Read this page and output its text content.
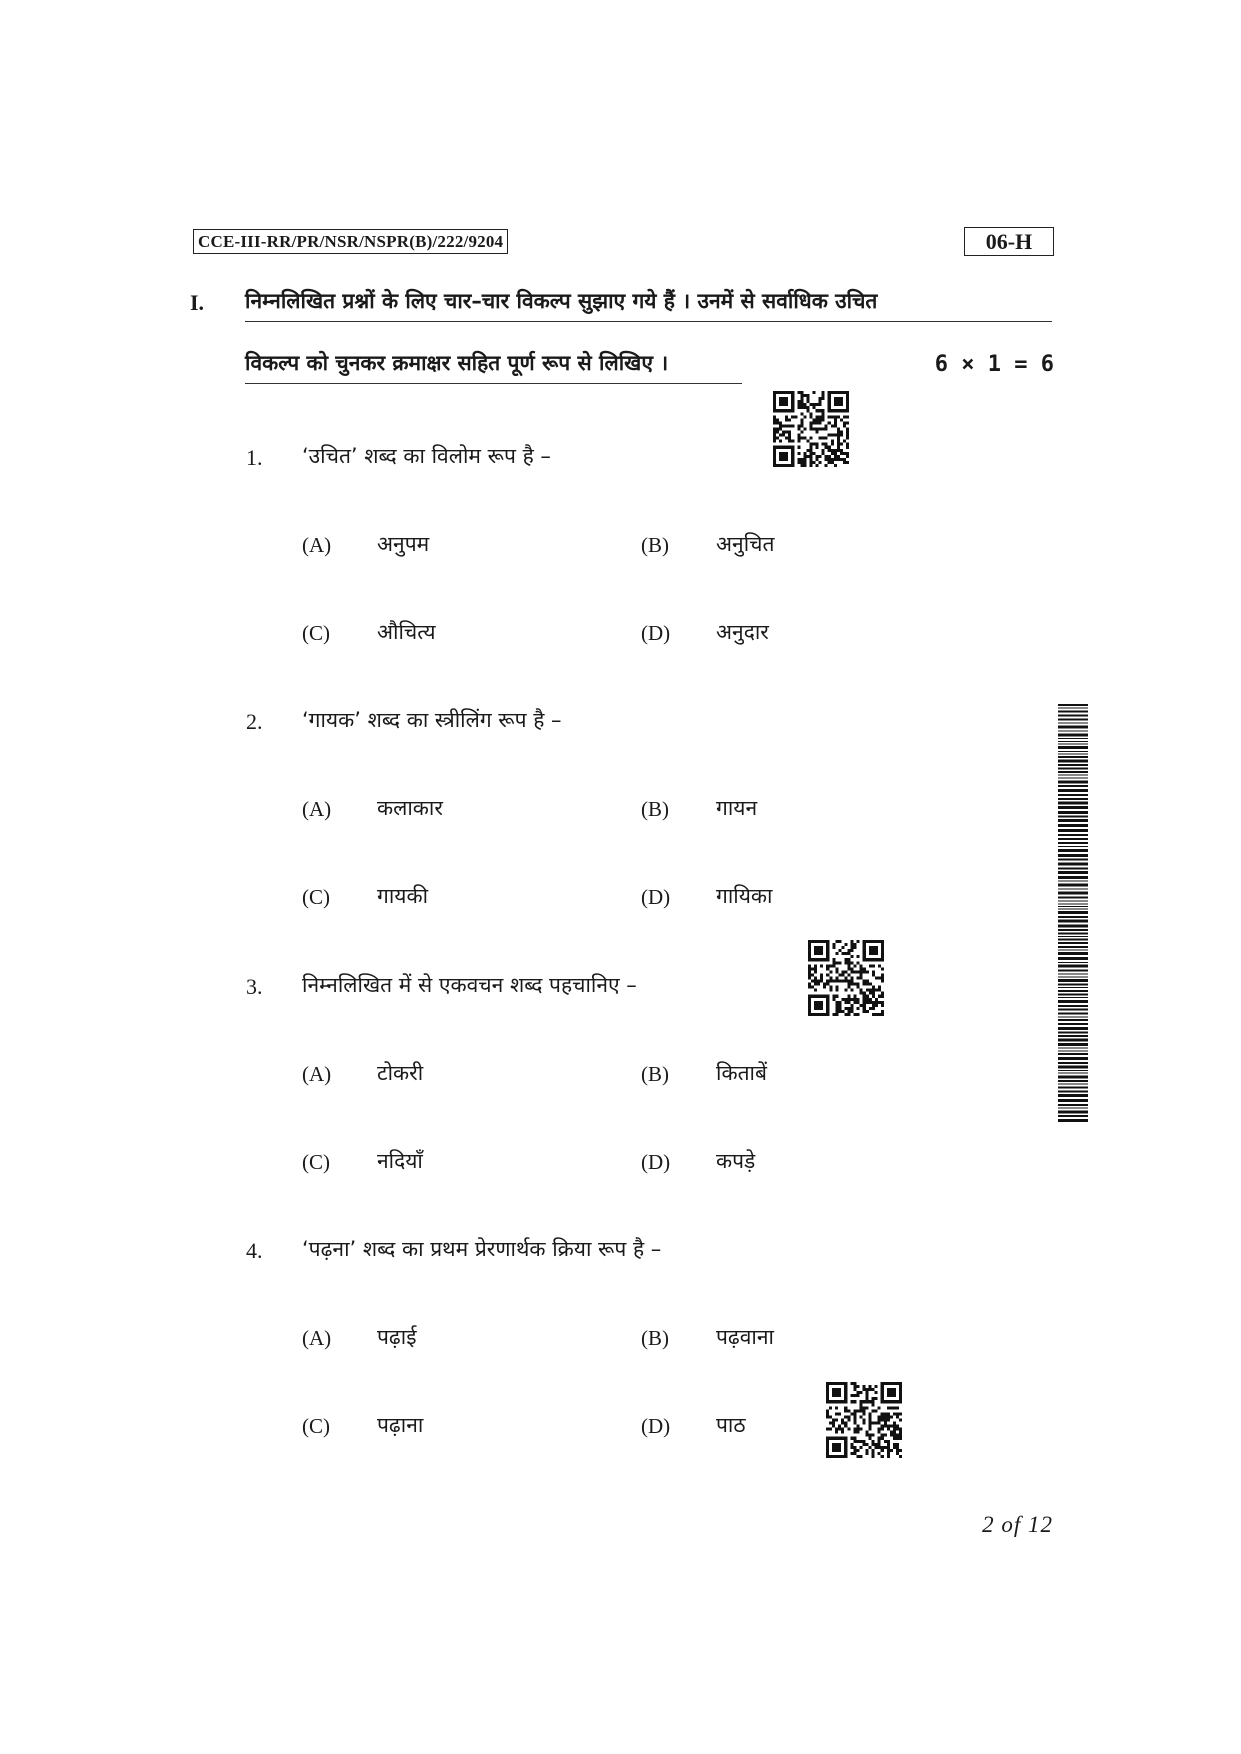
CCE-III-RR/PR/NSR/NSPR(B)/222/9204	06-H
I. निम्नलिखित प्रश्नों के लिए चार–चार विकल्प सुझाए गये हैं । उनमें से सर्वाधिक उचित
विकल्प को चुनकर क्रमाक्षर सहित पूर्ण रूप से लिखिए ।	6 × 1 = 6
1. ‘उचित’ शब्द का विलोम रूप है –
(A) अनुपम	(B) अनुचित
(C) औचित्य	(D) अनुदार
2. ‘गायक’ शब्द का स्त्रीलिंग रूप है –
(A) कलाकार	(B) गायन
(C) गायकी	(D) गायिका
3. निम्नलिखित में से एकवचन शब्द पहचानिए –
(A) टोकरी	(B) किताबें
(C) नदियाँ	(D) कपड़े
4. ‘पढ़ना’ शब्द का प्रथम प्रेरणार्थक क्रिया रूप है –
(A) पढ़ाई	(B) पढ़वाना
(C) पढ़ाना	(D) पाठ
2 of 12
